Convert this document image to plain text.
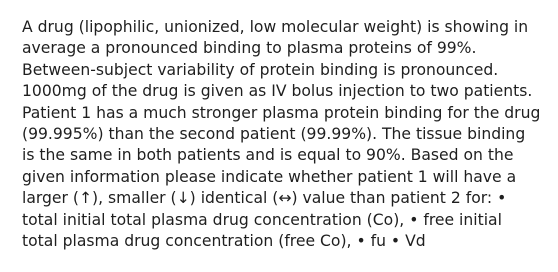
A drug (lipophilic, unionized, low molecular weight) is showing in average a pronounced binding to plasma proteins of 99%. Between-subject variability of protein binding is pronounced. 1000mg of the drug is given as IV bolus injection to two patients. Patient 1 has a much stronger plasma protein binding for the drug (99.995%) than the second patient (99.99%). The tissue binding is the same in both patients and is equal to 90%. Based on the given information please indicate whether patient 1 will have a larger (↑), smaller (↓) identical (↔) value than patient 2 for: • total initial total plasma drug concentration (Co), • free initial total plasma drug concentration (free Co), • fu • Vd
